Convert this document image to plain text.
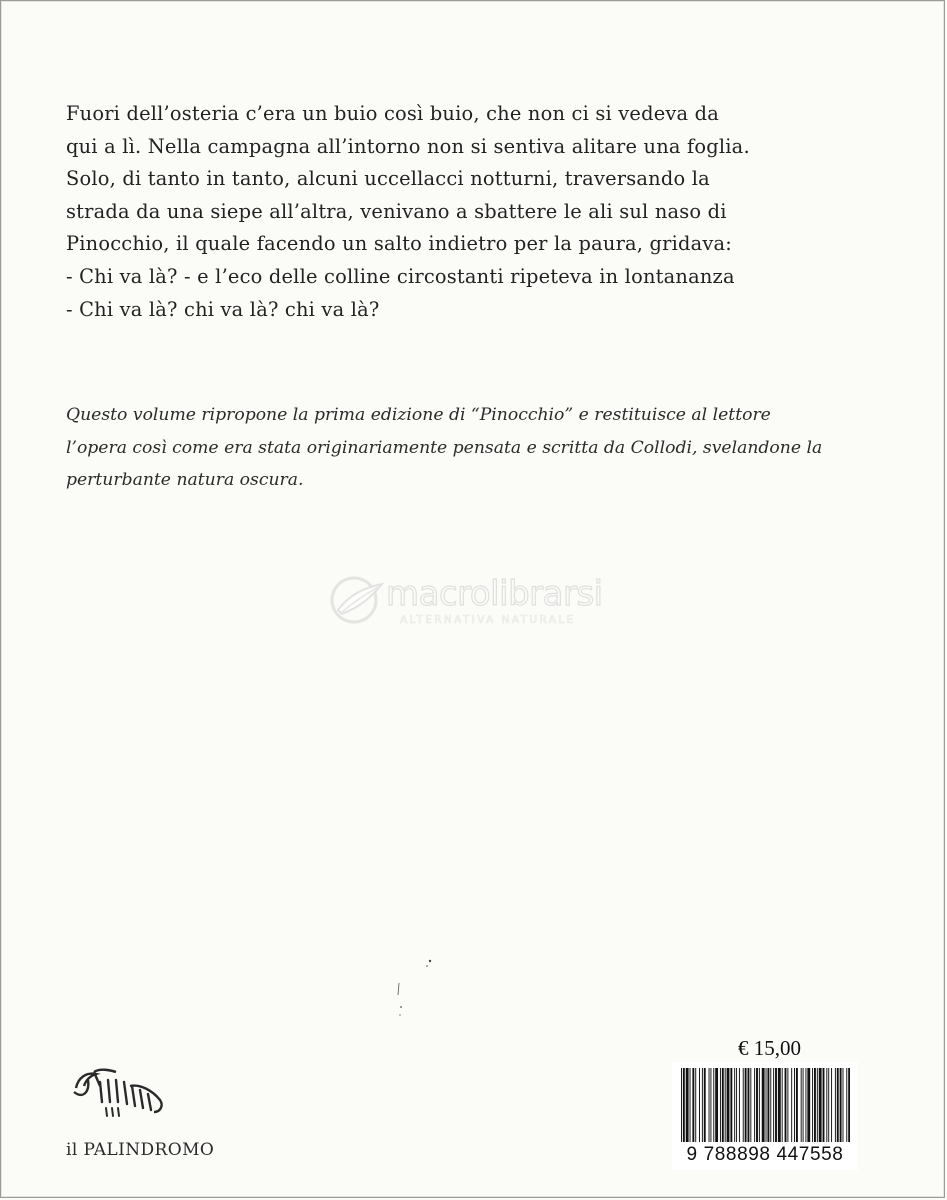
Fuori dell’osteria c’era un buio così buio, che non ci si vedeva da
qui a lì. Nella campagna all’intorno non si sentiva alitare una foglia.
Solo, di tanto in tanto, alcuni uccellacci notturni, traversando la
strada da una siepe all’altra, venivano a sbattere le ali sul naso di
Pinocchio, il quale facendo un salto indietro per la paura, gridava:
- Chi va là? - e l’eco delle colline circostanti ripeteva in lontananza
- Chi va là? chi va là? chi va là?
Questo volume ripropone la prima edizione di “Pinocchio” e restituisce al lettore
l’opera così come era stata originariamente pensata e scritta da Collodi, svelandone la
perturbante natura oscura.
macrolibrarsi
ALTERNATIVA NATURALE
il PALINDROMO
€ 15,00
9 788898 447558
